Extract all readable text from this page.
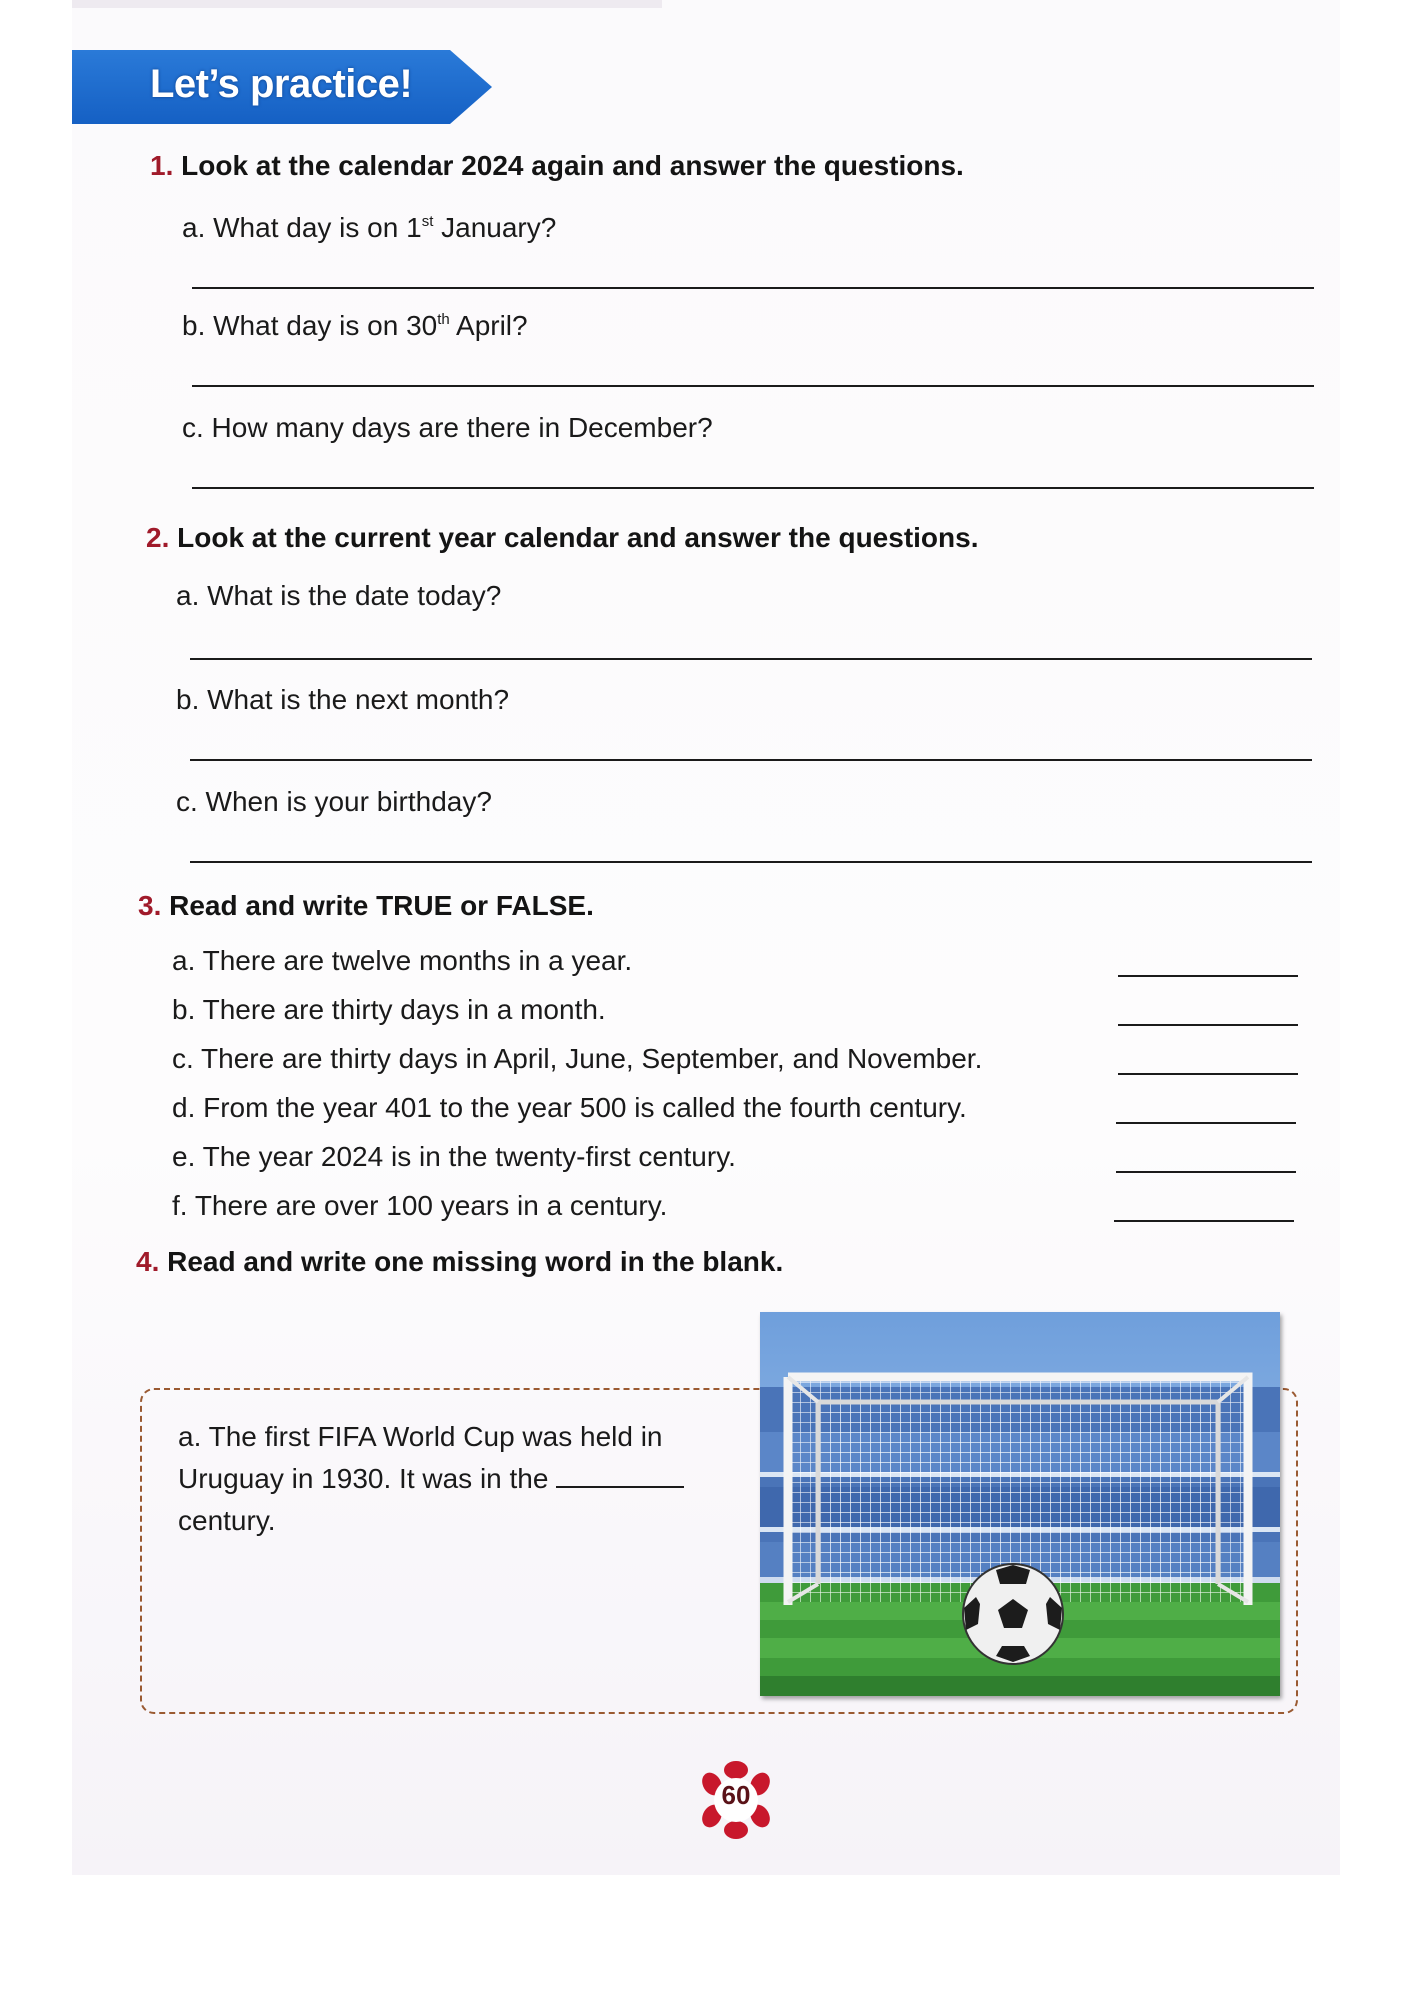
Let’s practice!
1. Look at the calendar 2024 again and answer the questions.
a. What day is on 1st January?
b. What day is on 30th April?
c. How many days are there in December?
2. Look at the current year calendar and answer the questions.
a. What is the date today?
b. What is the next month?
c. When is your birthday?
3. Read and write TRUE or FALSE.
a. There are twelve months in a year.
b. There are thirty days in a month.
c. There are thirty days in April, June, September, and November.
d. From the year 401 to the year 500 is called the fourth century.
e. The year 2024 is in the twenty-first century.
f. There are over 100 years in a century.
4. Read and write one missing word in the blank.
a. The first FIFA World Cup was held in Uruguay in 1930. It was in the  century.
60
